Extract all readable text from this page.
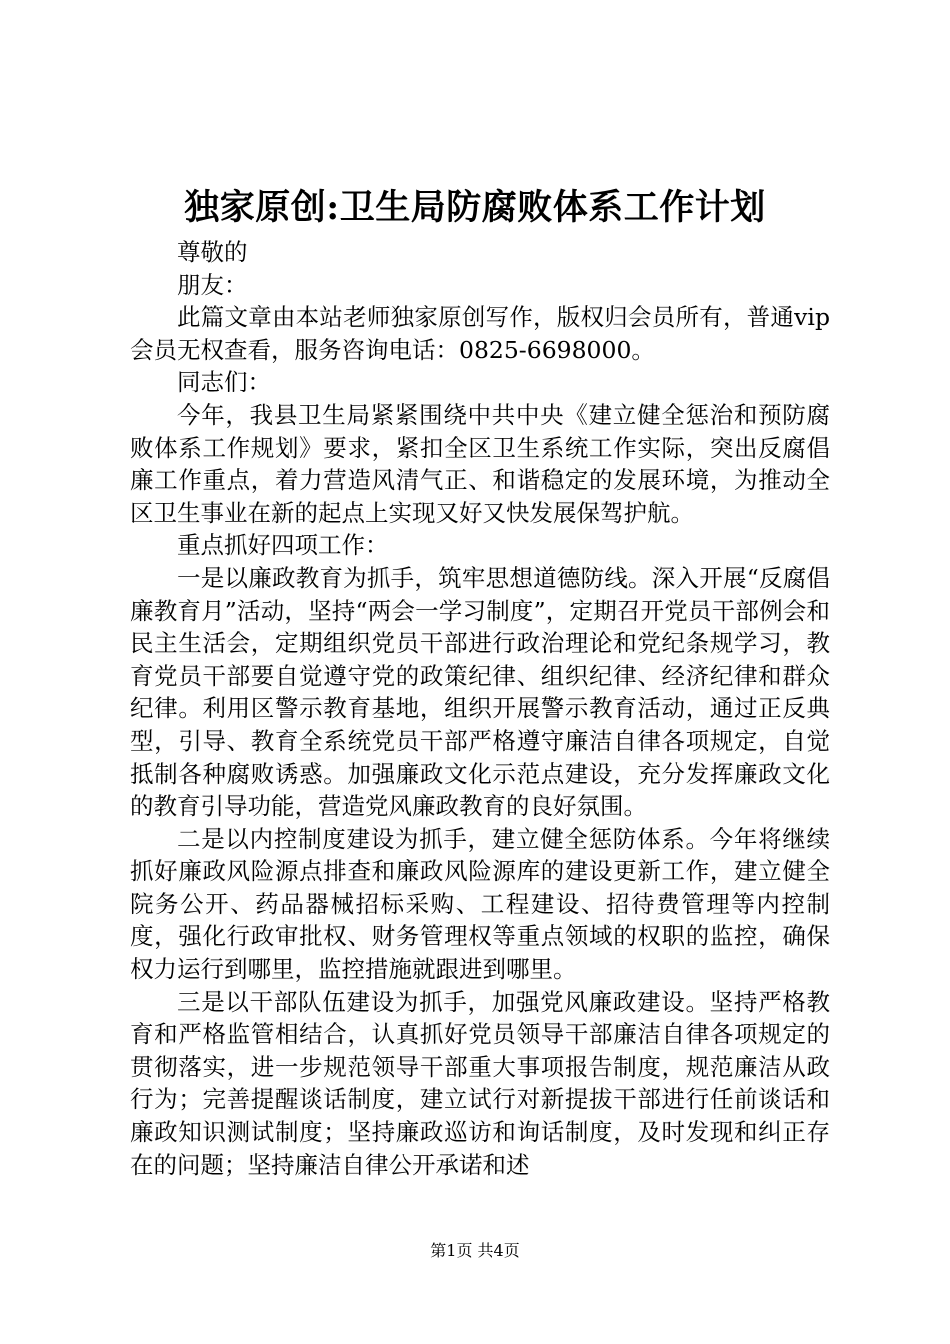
独家原创:卫生局防腐败体系工作计划

尊敬的

朋友：

此篇文章由本站老师独家原创写作，版权归会员所有，普通vip会员无权查看，服务咨询电话：0825-6698000。

同志们：

今年，我县卫生局紧紧围绕中共中央《建立健全惩治和预防腐败体系工作规划》要求，紧扣全区卫生系统工作实际，突出反腐倡廉工作重点，着力营造风清气正、和谐稳定的发展环境，为推动全区卫生事业在新的起点上实现又好又快发展保驾护航。

重点抓好四项工作：

一是以廉政教育为抓手，筑牢思想道德防线。深入开展“反腐倡廉教育月”活动，坚持“两会一学习制度”，定期召开党员干部例会和民主生活会，定期组织党员干部进行政治理论和党纪条规学习，教育党员干部要自觉遵守党的政策纪律、组织纪律、经济纪律和群众纪律。利用区警示教育基地，组织开展警示教育活动，通过正反典型，引导、教育全系统党员干部严格遵守廉洁自律各项规定，自觉抵制各种腐败诱惑。加强廉政文化示范点建设，充分发挥廉政文化的教育引导功能，营造党风廉政教育的良好氛围。

二是以内控制度建设为抓手，建立健全惩防体系。今年将继续抓好廉政风险源点排查和廉政风险源库的建设更新工作，建立健全院务公开、药品器械招标采购、工程建设、招待费管理等内控制度，强化行政审批权、财务管理权等重点领域的权职的监控，确保权力运行到哪里，监控措施就跟进到哪里。

三是以干部队伍建设为抓手，加强党风廉政建设。坚持严格教育和严格监管相结合，认真抓好党员领导干部廉洁自律各项规定的贯彻落实，进一步规范领导干部重大事项报告制度，规范廉洁从政行为；完善提醒谈话制度，建立试行对新提拔干部进行任前谈话和廉政知识测试制度；坚持廉政巡访和询话制度，及时发现和纠正存在的问题；坚持廉洁自律公开承诺和述

第1页 共4页
